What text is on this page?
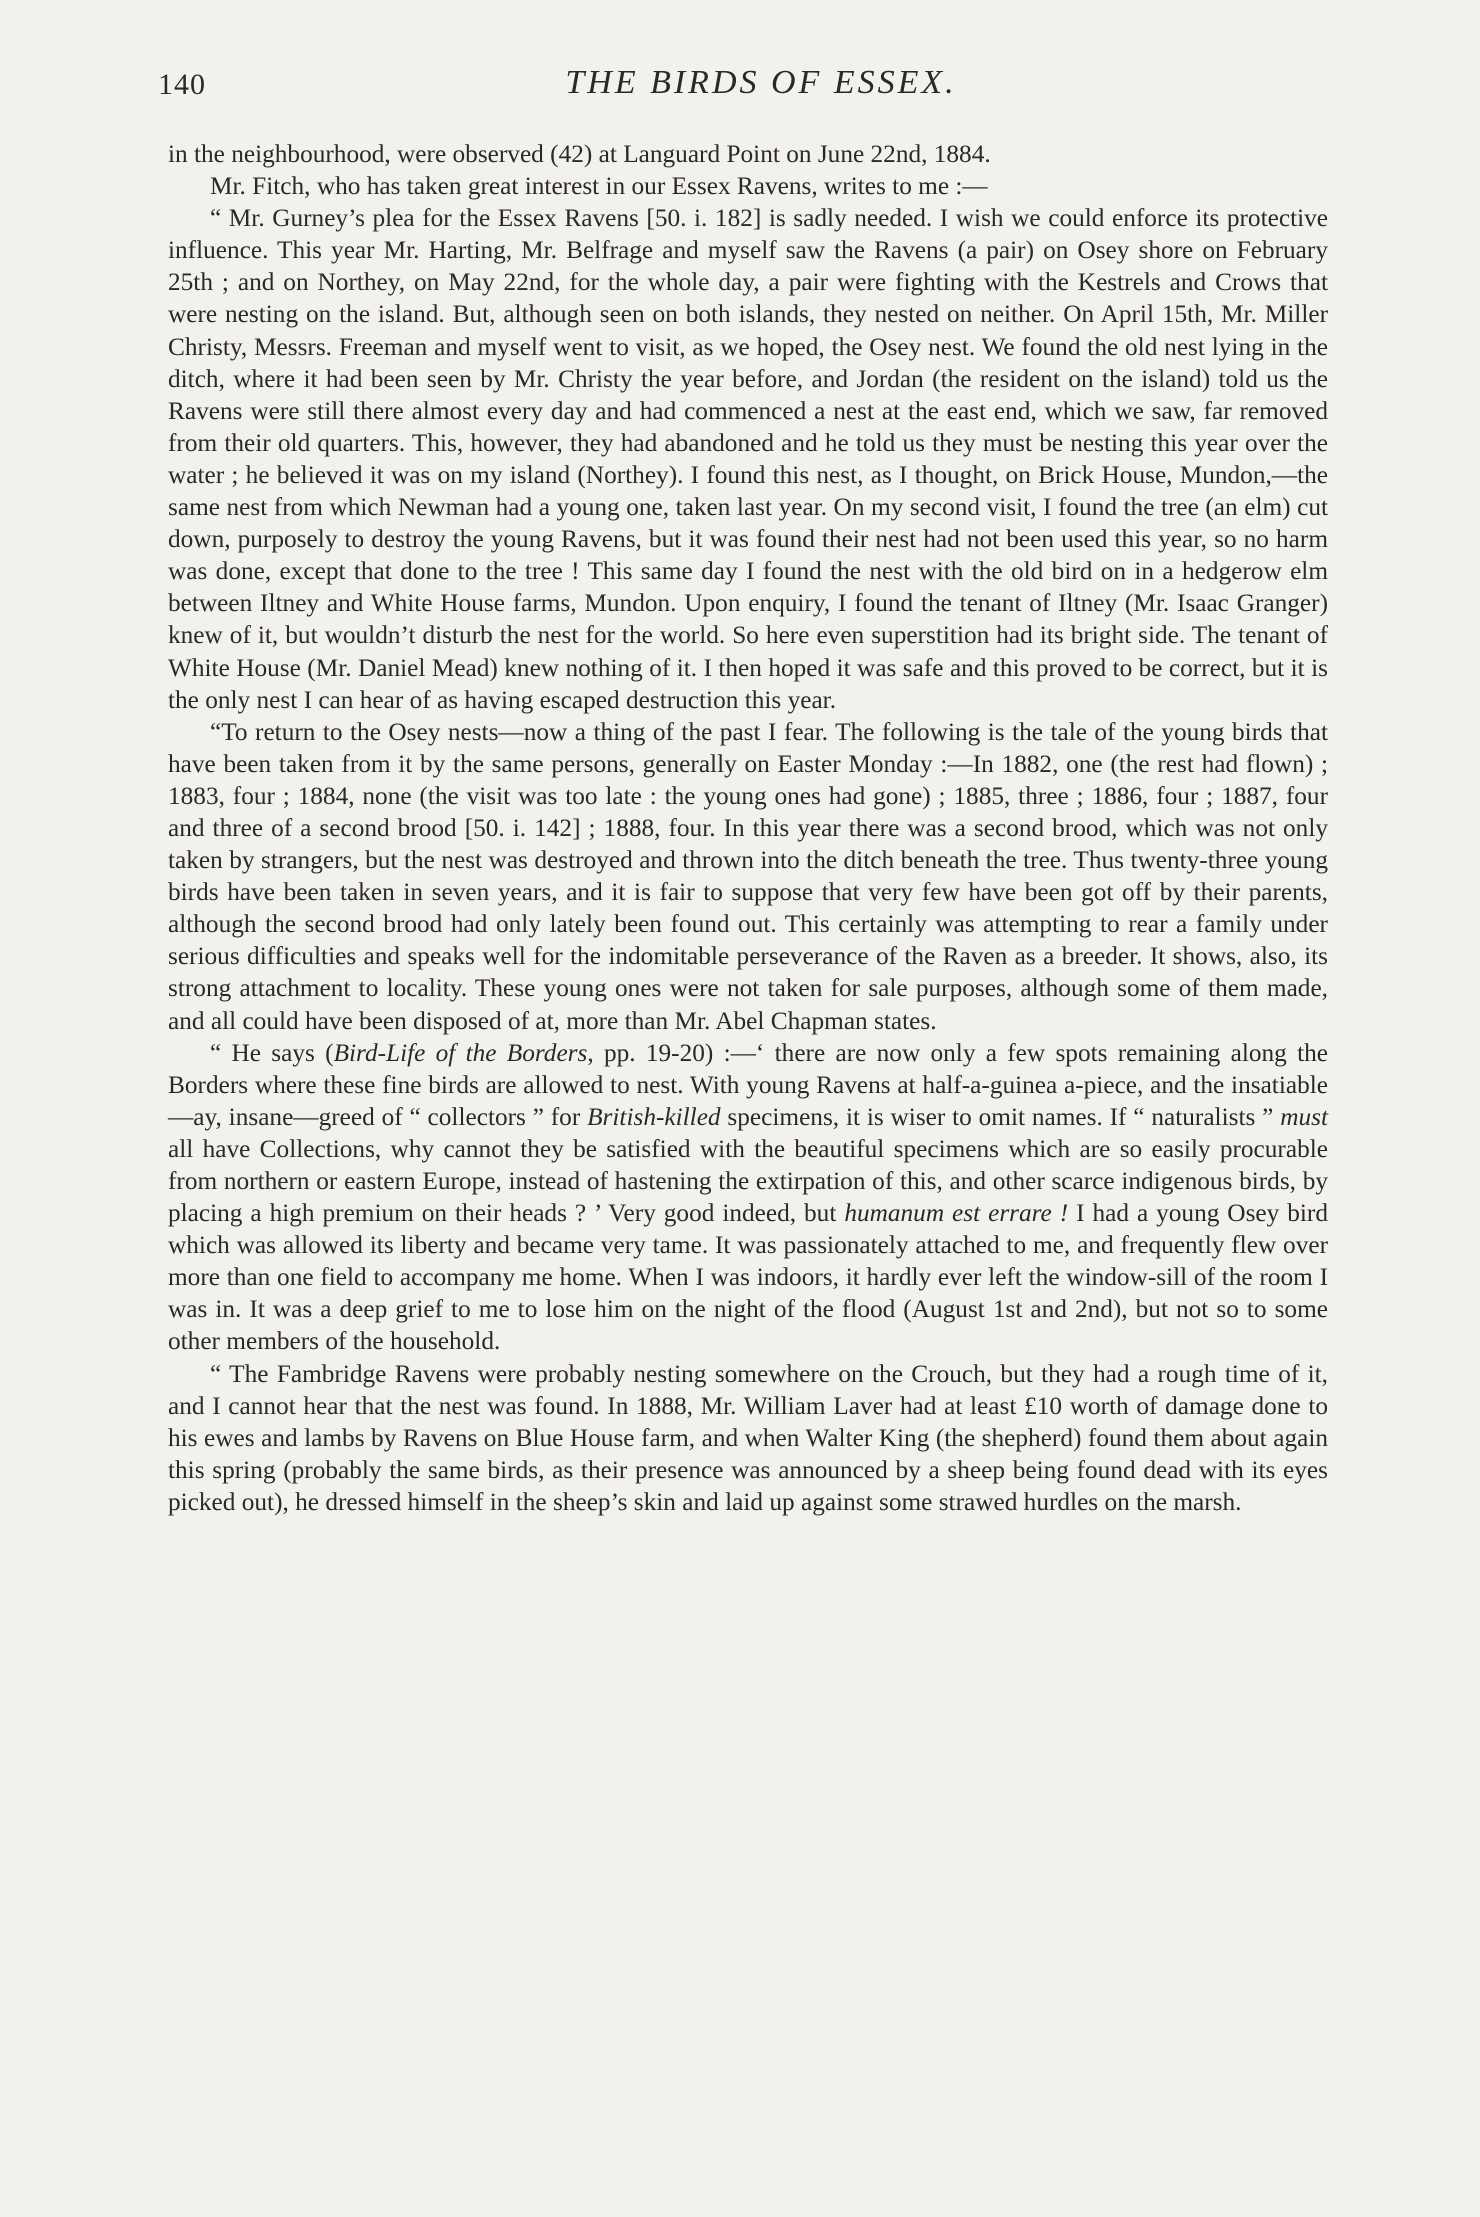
140	THE BIRDS OF ESSEX.

in the neighbourhood, were observed (42) at Languard Point on June 22nd, 1884.

Mr. Fitch, who has taken great interest in our Essex Ravens, writes to me :—

“ Mr. Gurney’s plea for the Essex Ravens [50. i. 182] is sadly needed. I wish we could enforce its protective influence. This year Mr. Harting, Mr. Belfrage and myself saw the Ravens (a pair) on Osey shore on February 25th ; and on Northey, on May 22nd, for the whole day, a pair were fighting with the Kestrels and Crows that were nesting on the island. But, although seen on both islands, they nested on neither. On April 15th, Mr. Miller Christy, Messrs. Freeman and myself went to visit, as we hoped, the Osey nest. We found the old nest lying in the ditch, where it had been seen by Mr. Christy the year before, and Jordan (the resident on the island) told us the Ravens were still there almost every day and had commenced a nest at the east end, which we saw, far removed from their old quarters. This, however, they had abandoned and he told us they must be nesting this year over the water ; he believed it was on my island (Northey). I found this nest, as I thought, on Brick House, Mundon,—the same nest from which Newman had a young one, taken last year. On my second visit, I found the tree (an elm) cut down, purposely to destroy the young Ravens, but it was found their nest had not been used this year, so no harm was done, except that done to the tree ! This same day I found the nest with the old bird on in a hedgerow elm between Iltney and White House farms, Mundon. Upon enquiry, I found the tenant of Iltney (Mr. Isaac Granger) knew of it, but wouldn’t disturb the nest for the world. So here even superstition had its bright side. The tenant of White House (Mr. Daniel Mead) knew nothing of it. I then hoped it was safe and this proved to be correct, but it is the only nest I can hear of as having escaped destruction this year.

“To return to the Osey nests—now a thing of the past I fear. The following is the tale of the young birds that have been taken from it by the same persons, generally on Easter Monday :—In 1882, one (the rest had flown) ; 1883, four ; 1884, none (the visit was too late : the young ones had gone) ; 1885, three ; 1886, four ; 1887, four and three of a second brood [50. i. 142] ; 1888, four. In this year there was a second brood, which was not only taken by strangers, but the nest was destroyed and thrown into the ditch beneath the tree. Thus twenty-three young birds have been taken in seven years, and it is fair to suppose that very few have been got off by their parents, although the second brood had only lately been found out. This certainly was attempting to rear a family under serious difficulties and speaks well for the indomitable perseverance of the Raven as a breeder. It shows, also, its strong attachment to locality. These young ones were not taken for sale purposes, although some of them made, and all could have been disposed of at, more than Mr. Abel Chapman states.

“ He says (Bird-Life of the Borders, pp. 19-20) :—‘ there are now only a few spots remaining along the Borders where these fine birds are allowed to nest. With young Ravens at half-a-guinea a-piece, and the insatiable—ay, insane—greed of “ collectors ” for British-killed specimens, it is wiser to omit names. If “ naturalists ” must all have Collections, why cannot they be satisfied with the beautiful specimens which are so easily procurable from northern or eastern Europe, instead of hastening the extirpation of this, and other scarce indigenous birds, by placing a high premium on their heads ? ’ Very good indeed, but humanum est errare ! I had a young Osey bird which was allowed its liberty and became very tame. It was passionately attached to me, and frequently flew over more than one field to accompany me home. When I was indoors, it hardly ever left the window-sill of the room I was in. It was a deep grief to me to lose him on the night of the flood (August 1st and 2nd), but not so to some other members of the household.

“ The Fambridge Ravens were probably nesting somewhere on the Crouch, but they had a rough time of it, and I cannot hear that the nest was found. In 1888, Mr. William Laver had at least £10 worth of damage done to his ewes and lambs by Ravens on Blue House farm, and when Walter King (the shepherd) found them about again this spring (probably the same birds, as their presence was announced by a sheep being found dead with its eyes picked out), he dressed himself in the sheep’s skin and laid up against some strawed hurdles on the marsh.
